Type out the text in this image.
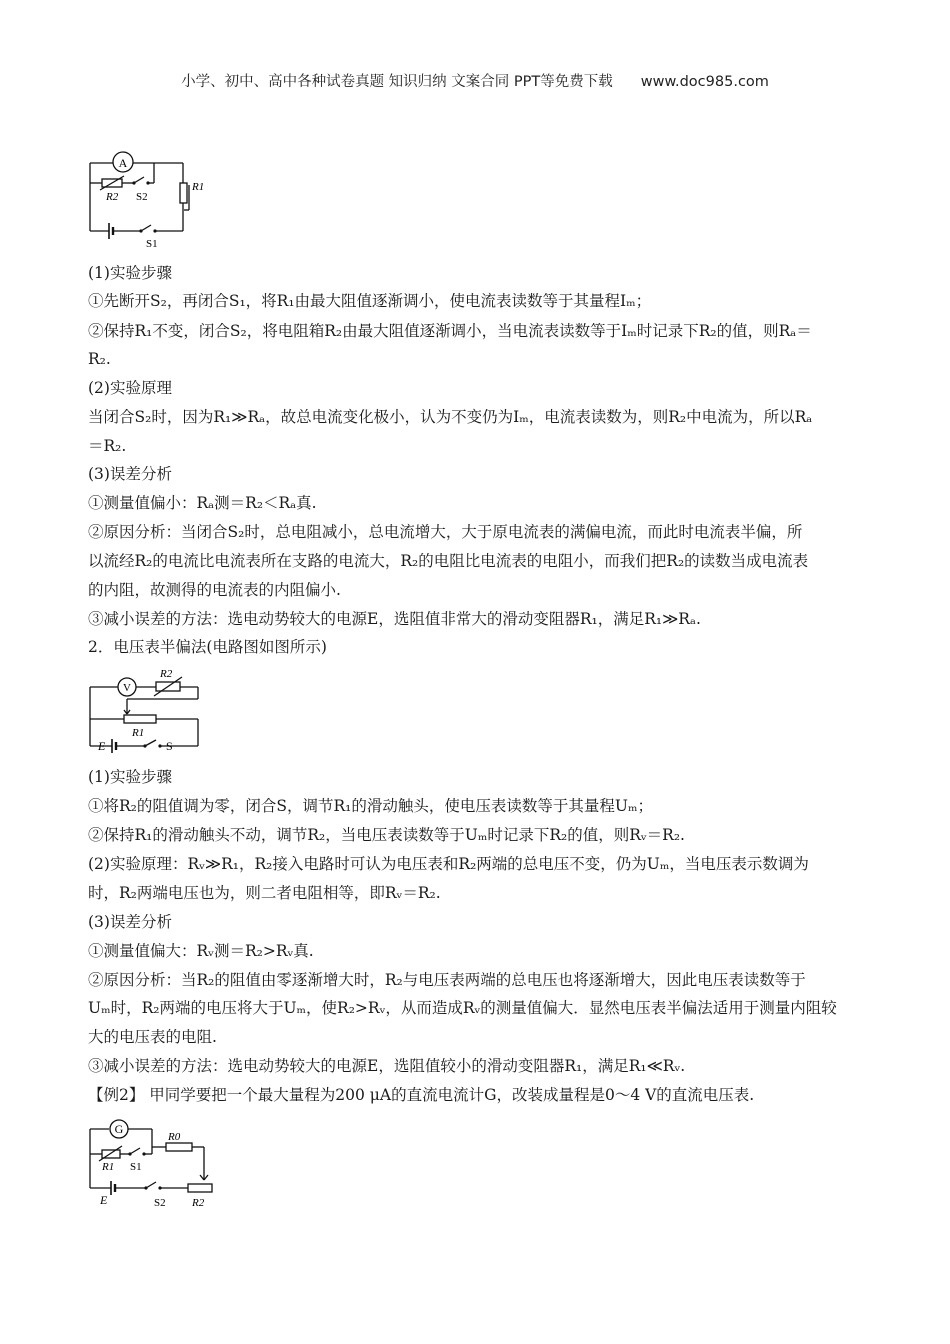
小学、初中、高中各种试卷真题 知识归纳 文案合同 PPT等免费下载 www.doc985.com
A
R2 S2
R1
S1
V
R2
R1
E	S
G
R0
R1 S1
E	S2 R2
(1)实验步骤
①先断开S₂，再闭合S₁，将R₁由最大阻值逐渐调小，使电流表读数等于其量程Iₘ；
②保持R₁不变，闭合S₂，将电阻箱R₂由最大阻值逐渐调小，当电流表读数等于Iₘ时记录下R₂的值，则Rₐ＝
R₂.
(2)实验原理
当闭合S₂时，因为R₁≫Rₐ，故总电流变化极小，认为不变仍为Iₘ，电流表读数为，则R₂中电流为，所以Rₐ
＝R₂.
(3)误差分析
①测量值偏小：Rₐ测＝R₂＜Rₐ真.
②原因分析：当闭合S₂时，总电阻减小，总电流增大，大于原电流表的满偏电流，而此时电流表半偏，所
以流经R₂的电流比电流表所在支路的电流大，R₂的电阻比电流表的电阻小，而我们把R₂的读数当成电流表
的内阻，故测得的电流表的内阻偏小.
③减小误差的方法：选电动势较大的电源E，选阻值非常大的滑动变阻器R₁，满足R₁≫Rₐ.
2．电压表半偏法(电路图如图所示)
(1)实验步骤
①将R₂的阻值调为零，闭合S，调节R₁的滑动触头，使电压表读数等于其量程Uₘ；
②保持R₁的滑动触头不动，调节R₂，当电压表读数等于Uₘ时记录下R₂的值，则Rᵥ＝R₂.
(2)实验原理：Rᵥ≫R₁，R₂接入电路时可认为电压表和R₂两端的总电压不变，仍为Uₘ，当电压表示数调为
时，R₂两端电压也为，则二者电阻相等，即Rᵥ＝R₂.
(3)误差分析
①测量值偏大：Rᵥ测＝R₂>Rᵥ真.
②原因分析：当R₂的阻值由零逐渐增大时，R₂与电压表两端的总电压也将逐渐增大，因此电压表读数等于
Uₘ时，R₂两端的电压将大于Uₘ，使R₂>Rᵥ，从而造成Rᵥ的测量值偏大．显然电压表半偏法适用于测量内阻较
大的电压表的电阻.
③减小误差的方法：选电动势较大的电源E，选阻值较小的滑动变阻器R₁，满足R₁≪Rᵥ.
【例2】 甲同学要把一个最大量程为200 μA的直流电流计G，改装成量程是0～4 V的直流电压表.
